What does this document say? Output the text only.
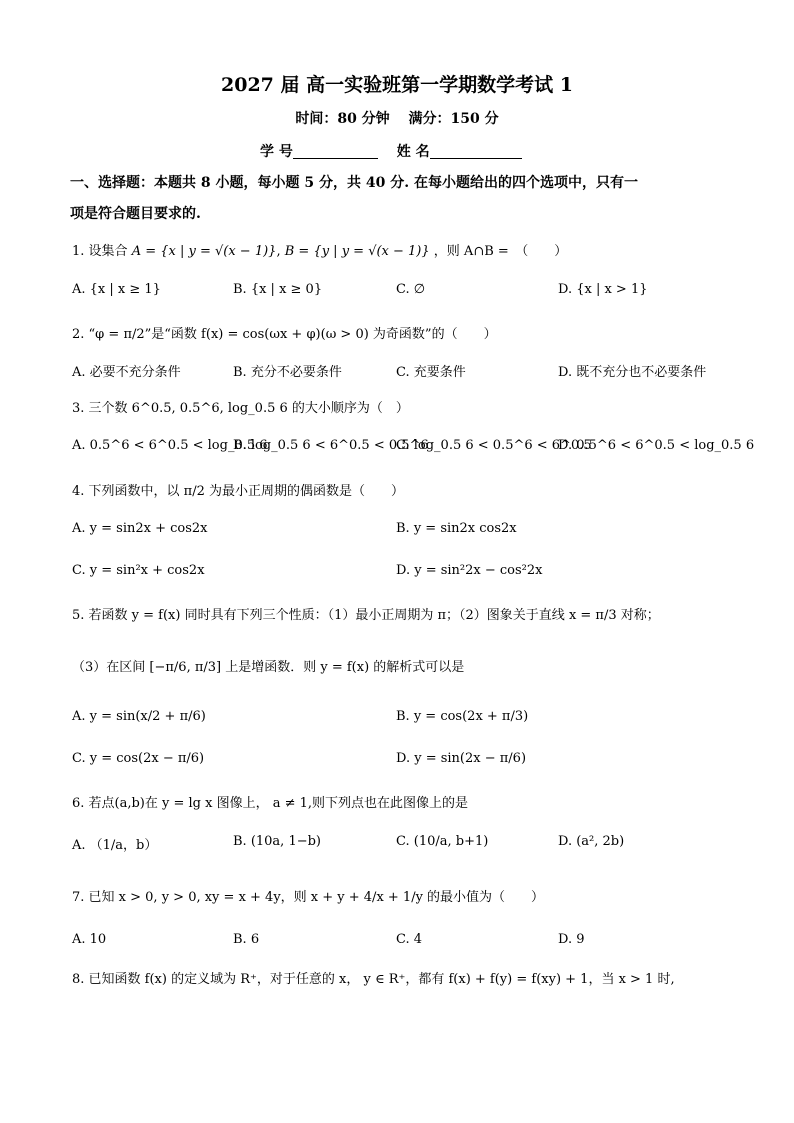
2027 届 高一实验班第一学期数学考试 1
时间：80 分钟　 满分：150 分
学 号	姓 名
一、选择题：本题共 8 小题，每小题 5 分，共 40 分. 在每小题给出的四个选项中，只有一
项是符合题目要求的.
1. 设集合 A = {x | y = √(x − 1)}, B = {y | y = √(x − 1)} ，则 A∩B =　（　　）
A. {x | x ≥ 1}	B. {x | x ≥ 0}	C. ∅	D. {x | x > 1}
2. “φ = π/2”是“函数 f(x) = cos(ωx + φ)(ω > 0) 为奇函数”的（　　）
A. 必要不充分条件	B. 充分不必要条件	C. 充要条件	D. 既不充分也不必要条件
3. 三个数 6^0.5, 0.5^6, log_0.5 6 的大小顺序为（　）
A. 0.5^6 < 6^0.5 < log_0.5 6
B. log_0.5 6 < 6^0.5 < 0.5^6
C. log_0.5 6 < 0.5^6 < 6^0.5
D. 0.5^6 < 6^0.5 < log_0.5 6
4. 下列函数中，以 π/2 为最小正周期的偶函数是（　　）
A. y = sin2x + cos2x	B. y = sin2x cos2x
C. y = sin²x + cos2x	D. y = sin²2x − cos²2x
5. 若函数 y = f(x) 同时具有下列三个性质：（1）最小正周期为 π；（2）图象关于直线 x = π/3 对称；
（3）在区间 [−π/6, π/3] 上是增函数．则 y = f(x) 的解析式可以是
A. y = sin(x/2 + π/6)	B. y = cos(2x + π/3)
C. y = cos(2x − π/6)	D. y = sin(2x − π/6)
6. 若点(a,b)在 y = lg x 图像上， a ≠ 1,则下列点也在此图像上的是
A. （1/a，b）	B. (10a, 1−b)	C. (10/a, b+1)	D. (a², 2b)
7. 已知 x > 0, y > 0, xy = x + 4y，则 x + y + 4/x + 1/y 的最小值为（　　）
A. 10	B. 6	C. 4	D. 9
8. 已知函数 f(x) 的定义域为 R⁺，对于任意的 x， y ∈ R⁺，都有 f(x) + f(y) = f(xy) + 1，当 x > 1 时,
